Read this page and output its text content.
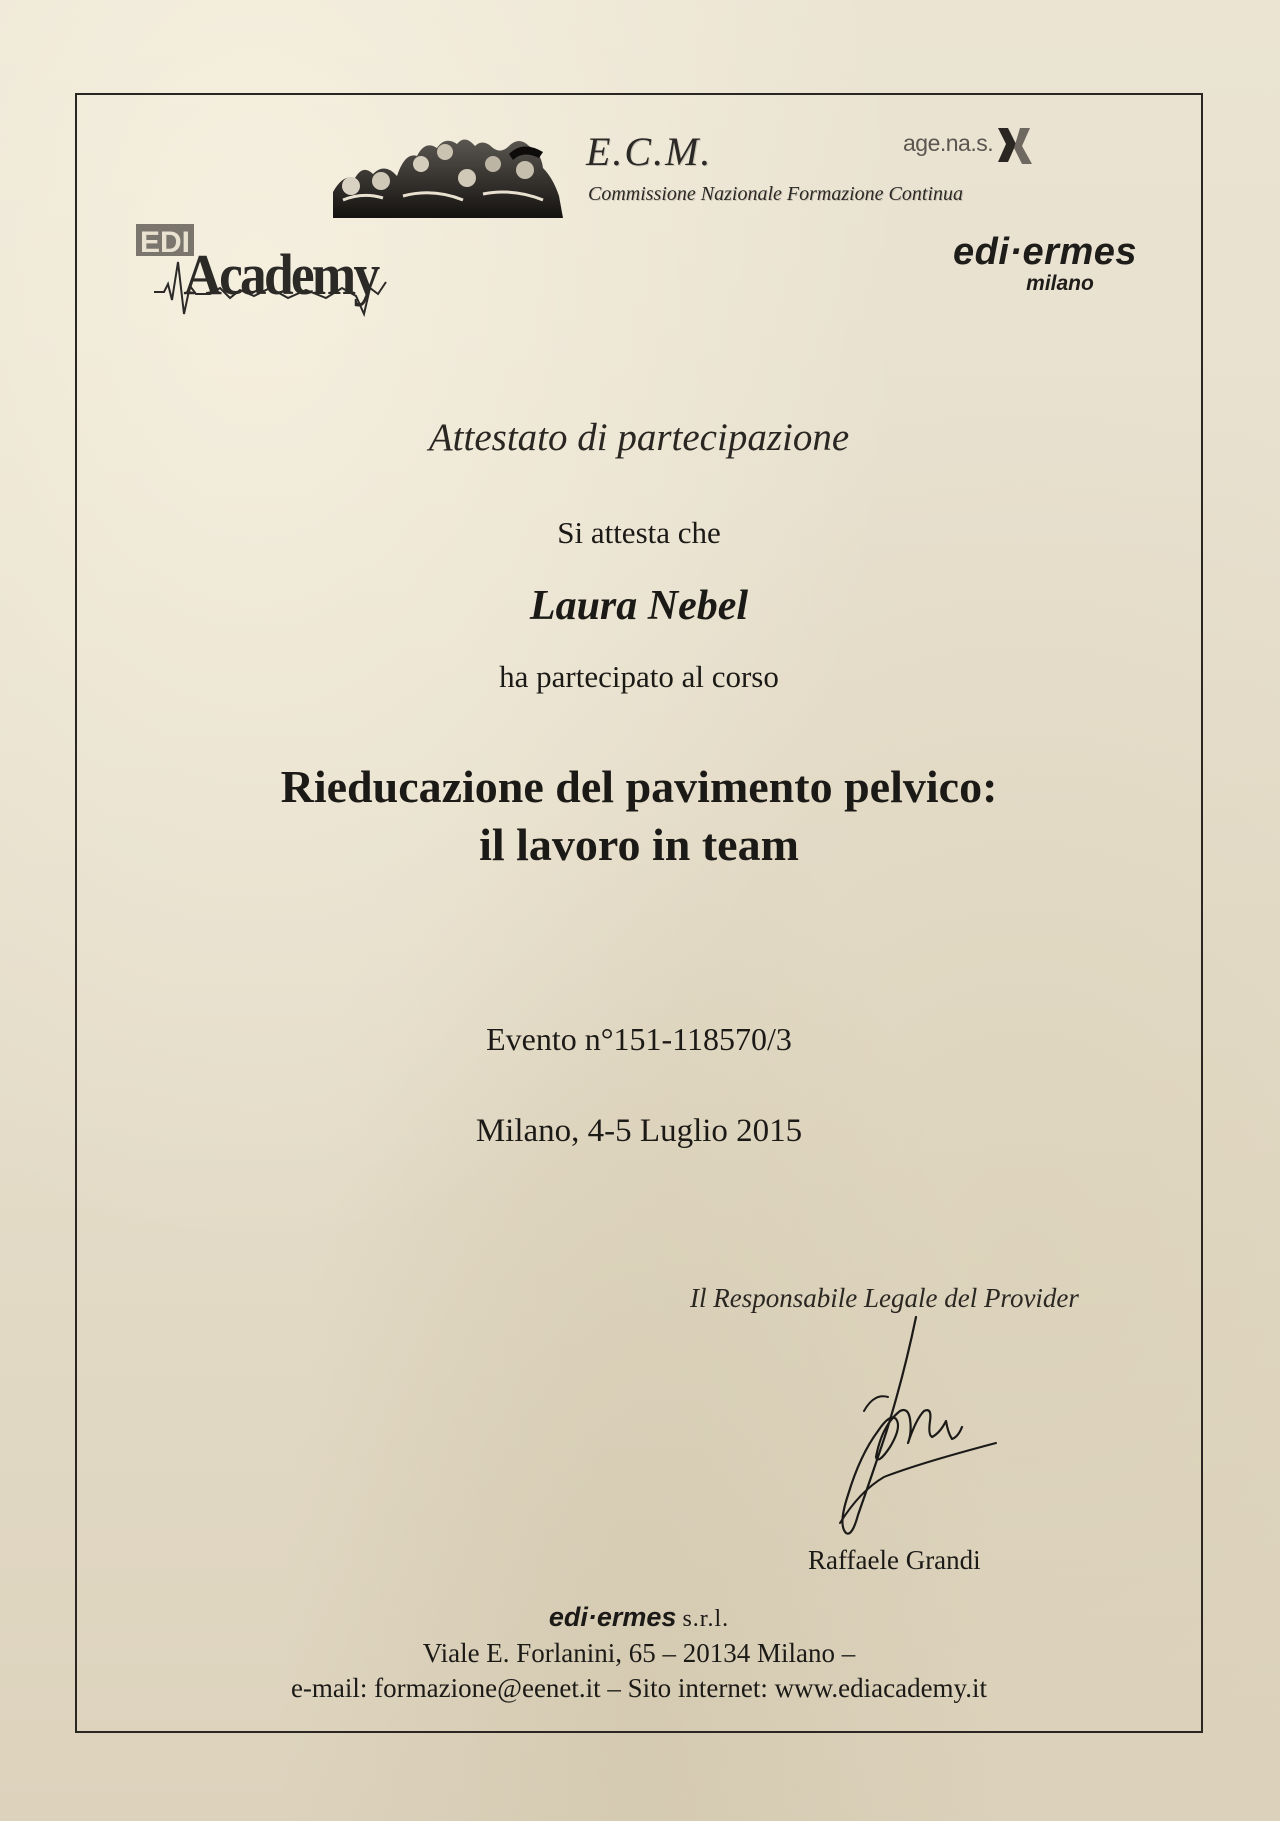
E.C.M.
Commissione Nazionale Formazione Continua
age.na.s.
EDI EDI
Academy	edi·ermes
milano
Attestato di partecipazione
Si attesta che
Laura Nebel
ha partecipato al corso
Rieducazione del pavimento pelvico:
il lavoro in team
Evento n°151-118570/3
Milano, 4-5 Luglio 2015
Il Responsabile Legale del Provider
Raffaele Grandi
edi·ermes s.r.l.
Viale E. Forlanini, 65 – 20134 Milano –
e-mail: formazione@eenet.it – Sito internet: www.ediacademy.it
